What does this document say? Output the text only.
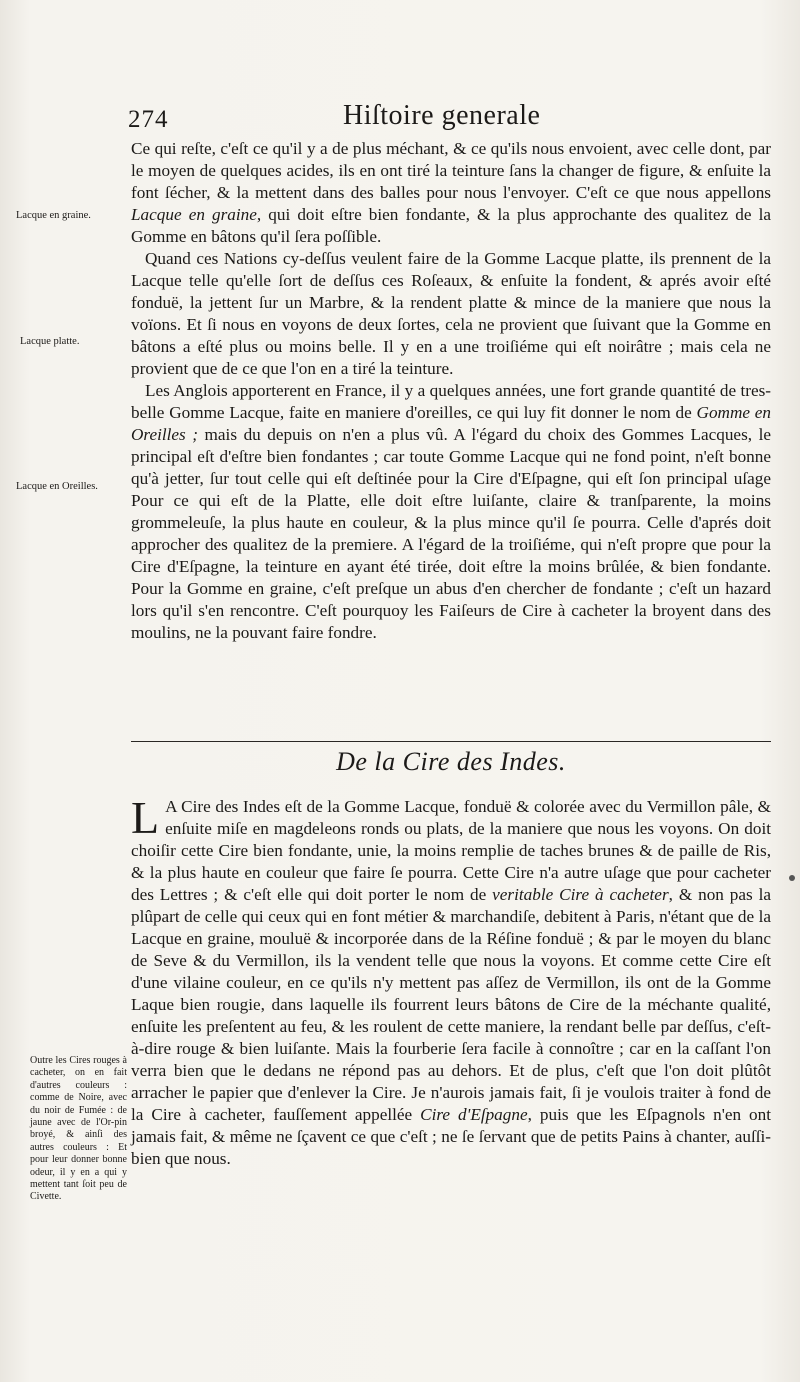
274	Hiſtoire generale
Lacque en graine.
Lacque platte.
Lacque en Oreilles.
Outre les Cires rouges à cacheter, on en fait d'autres couleurs : comme de Noire, avec du noir de Fumée : de jaune avec de l'Or-pin broyé, & ainſi des autres couleurs : Et pour leur donner bonne odeur, il y en a qui y mettent tant ſoit peu de Civette.

Ce qui reſte, c'eſt ce qu'il y a de plus méchant, & ce qu'ils nous envoient, avec celle dont, par le moyen de quelques acides, ils en ont tiré la teinture ſans la changer de figure, & enſuite la font ſécher, & la mettent dans des balles pour nous l'envoyer. C'eſt ce que nous appellons Lacque en graine, qui doit eſtre bien fondante, & la plus approchante des qualitez de la Gomme en bâtons qu'il ſera poſſible.

Quand ces Nations cy-deſſus veulent faire de la Gomme Lacque platte, ils prennent de la Lacque telle qu'elle ſort de deſſus ces Roſeaux, & enſuite la fondent, & aprés avoir eſté fonduë, la jettent ſur un Marbre, & la rendent platte & mince de la maniere que nous la voïons. Et ſi nous en voyons de deux ſortes, cela ne provient que ſuivant que la Gomme en bâtons a eſté plus ou moins belle. Il y en a une troiſiéme qui eſt noirâtre ; mais cela ne provient que de ce que l'on en a tiré la teinture.

Les Anglois apporterent en France, il y a quelques années, une fort grande quantité de tres-belle Gomme Lacque, faite en maniere d'oreilles, ce qui luy fit donner le nom de Gomme en Oreilles ; mais du depuis on n'en a plus vû. A l'égard du choix des Gommes Lacques, le principal eſt d'eſtre bien fondantes ; car toute Gomme Lacque qui ne fond point, n'eſt bonne qu'à jetter, ſur tout celle qui eſt deſtinée pour la Cire d'Eſpagne, qui eſt ſon principal uſage Pour ce qui eſt de la Platte, elle doit eſtre luiſante, claire & tranſparente, la moins grommeleuſe, la plus haute en couleur, & la plus mince qu'il ſe pourra. Celle d'aprés doit approcher des qualitez de la premiere. A l'égard de la troiſiéme, qui n'eſt propre que pour la Cire d'Eſpagne, la teinture en ayant été tirée, doit eſtre la moins brûlée, & bien fondante. Pour la Gomme en graine, c'eſt preſque un abus d'en chercher de fondante ; c'eſt un hazard lors qu'il s'en rencontre. C'eſt pourquoy les Faiſeurs de Cire à cacheter la broyent dans des moulins, ne la pouvant faire fondre.

De la Cire des Indes.

L A Cire des Indes eſt de la Gomme Lacque, fonduë & colorée avec du Vermillon pâle, & enſuite miſe en magdeleons ronds ou plats, de la maniere que nous les voyons. On doit choiſir cette Cire bien fondante, unie, la moins remplie de taches brunes & de paille de Ris, & la plus haute en couleur que faire ſe pourra. Cette Cire n'a autre uſage que pour cacheter des Lettres ; & c'eſt elle qui doit porter le nom de veritable Cire à cacheter, & non pas la plûpart de celle qui ceux qui en font métier & marchandiſe, debitent à Paris, n'étant que de la Lacque en graine, mouluë & incorporée dans de la Réſine fonduë ; & par le moyen du blanc de Seve & du Vermillon, ils la vendent telle que nous la voyons. Et comme cette Cire eſt d'une vilaine couleur, en ce qu'ils n'y mettent pas aſſez de Vermillon, ils ont de la Gomme Laque bien rougie, dans laquelle ils fourrent leurs bâtons de Cire de la méchante qualité, enſuite les preſentent au feu, & les roulent de cette maniere, la rendant belle par deſſus, c'eſt-à-dire rouge & bien luiſante. Mais la fourberie ſera facile à connoître ; car en la caſſant l'on verra bien que le dedans ne répond pas au dehors. Et de plus, c'eſt que l'on doit plûtôt arracher le papier que d'enlever la Cire. Je n'aurois jamais fait, ſi je voulois traiter à fond de la Cire à cacheter, fauſſement appellée Cire d'Eſpagne, puis que les Eſpagnols n'en ont jamais fait, & même ne ſçavent ce que c'eſt ; ne ſe ſervant que de petits Pains à chanter, auſſi-bien que nous.
